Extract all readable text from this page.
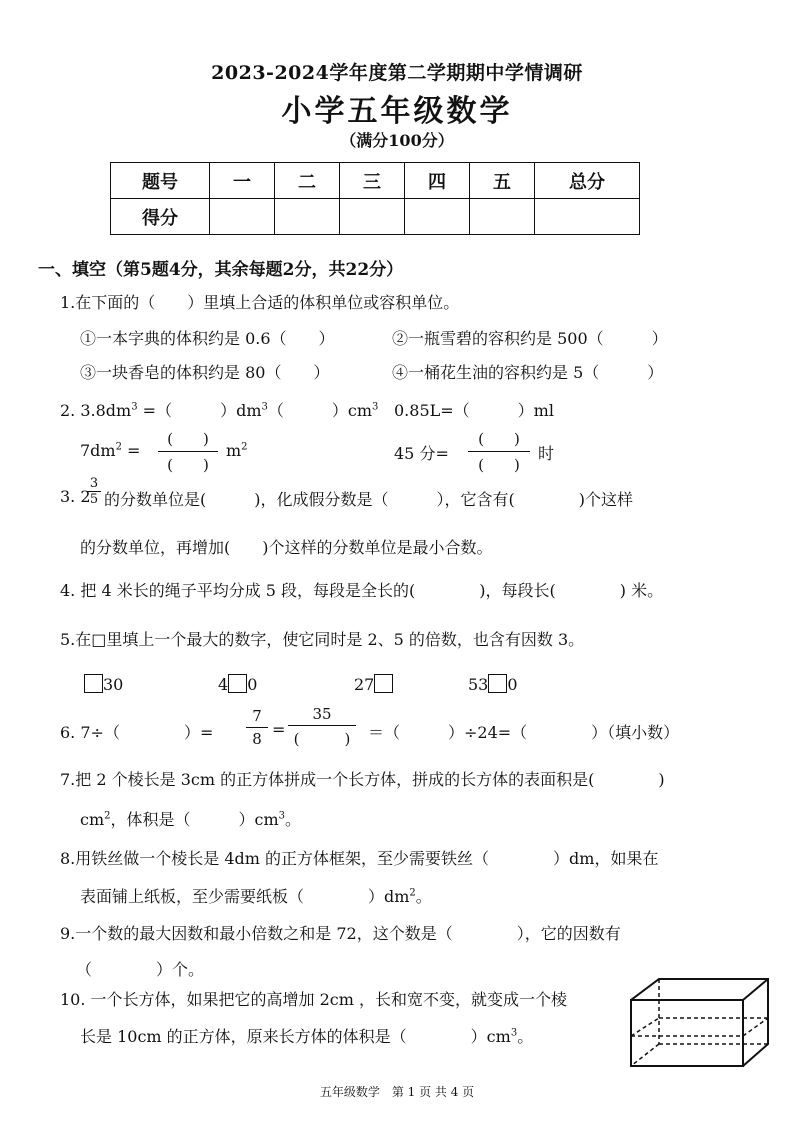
2023-2024学年度第二学期期中学情调研
小学五年级数学
（满分100分）
题号	一	二	三	四	五	总分
得分						
一、填空（第5题4分，其余每题2分，共22分）
1.在下面的（　　）里填上合适的体积单位或容积单位。
①一本字典的体积约是 0.6（　　）	②一瓶雪碧的容积约是 500（　　　）
③一块香皂的体积约是 80（　　）	④一桶花生油的容积约是 5（　　　）
2. $3.8dm^3$ =（　　　）$dm^3$（　　　）$cm^3$ 0.85L=（　　　）ml
$7dm^2$ =
(　　)
(　　)
$m^2$	45 分=
(　　)
(　　)
时
3. 2
3
5 的分数单位是(　　　)，化成假分数是（　　　），它含有(　　　　)个这样
的分数单位，再增加(　　)个这样的分数单位是最小合数。
4. 把 4 米长的绳子平均分成 5 段，每段是全长的(　　　　)，每段长(　　　　) 米。
5.在□里填上一个最大的数字，使它同时是 2、5 的倍数，也含有因数 3。
30	4 0	27	53 0
6. 7÷（　　　　）=
7
8 =
35
(　　　)	＝（　　　）÷24=（　　　　）（填小数）
7.把 2 个棱长是 3cm 的正方体拼成一个长方体，拼成的长方体的表面积是(　　　　)
$cm^2$，体积是（　　　）$cm^3$。
8.用铁丝做一个棱长是 4dm 的正方体框架，至少需要铁丝（　　　　）dm，如果在
表面铺上纸板，至少需要纸板（　　　　）$dm^2$。
9.一个数的最大因数和最小倍数之和是 72，这个数是（　　　　），它的因数有
（　　　　）个。
10. 一个长方体，如果把它的高增加 2cm ，长和宽不变，就变成一个棱
长是 10cm 的正方体，原来长方体的体积是（　　　　）$cm^3$。
五年级数学　第 1 页 共 4 页
